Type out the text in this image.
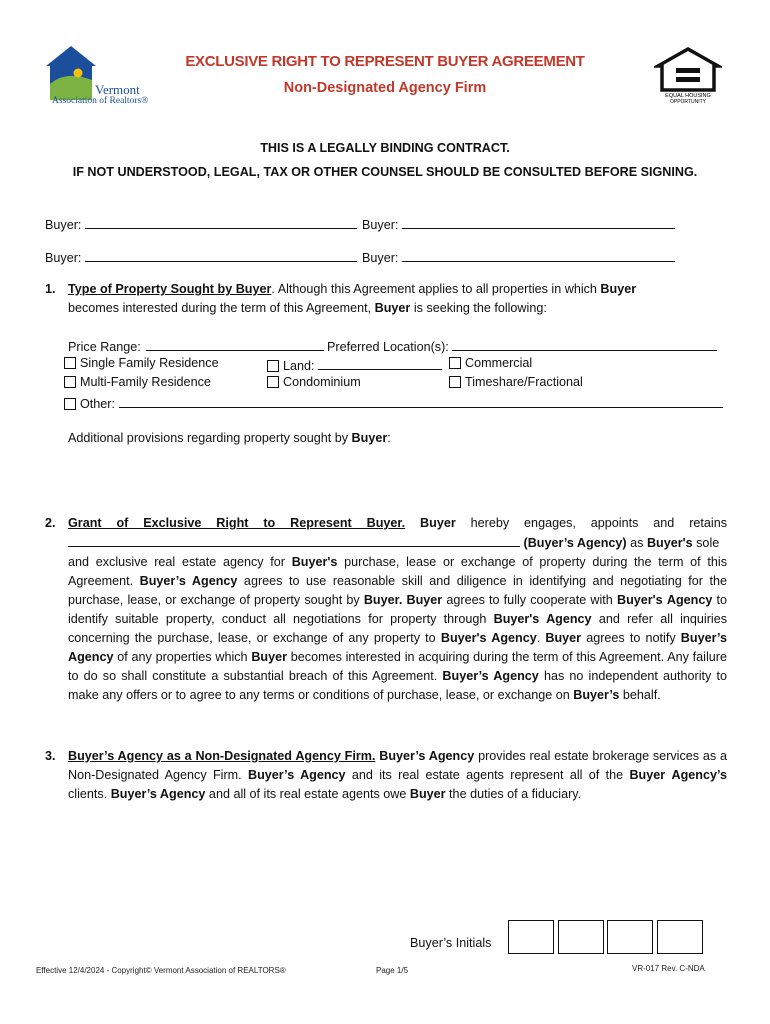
Vermont
Association of Realtors®
EXCLUSIVE RIGHT TO REPRESENT BUYER AGREEMENT
Non-Designated Agency Firm	EQUAL HOUSING
OPPORTUNITY
THIS IS A LEGALLY BINDING CONTRACT.
IF NOT UNDERSTOOD, LEGAL, TAX OR OTHER COUNSEL SHOULD BE CONSULTED BEFORE SIGNING.
Buyer:	Buyer:
Buyer:	Buyer:
1. Type of Property Sought by Buyer. Although this Agreement applies to all properties in which Buyer
becomes interested during the term of this Agreement, Buyer is seeking the following:
Price Range:	Preferred Location(s):
Single Family Residence	Land:	Commercial
Multi-Family Residence	Condominium	Timeshare/Fractional
Other:
Additional provisions regarding property sought by Buyer:
2. Grant of Exclusive Right to Represent Buyer. Buyer hereby engages, appoints and retains
(Buyer’s Agency) as Buyer's sole
and exclusive real estate agency for Buyer's purchase, lease or exchange of property during the term of this Agreement. Buyer’s Agency agrees to use reasonable skill and diligence in identifying and negotiating for the purchase, lease, or exchange of property sought by Buyer. Buyer agrees to fully cooperate with Buyer's Agency to identify suitable property, conduct all negotiations for property through Buyer's Agency and refer all inquiries concerning the purchase, lease, or exchange of any property to Buyer's Agency. Buyer agrees to notify Buyer’s Agency of any properties which Buyer becomes interested in acquiring during the term of this Agreement. Any failure to do so shall constitute a substantial breach of this Agreement. Buyer’s Agency has no independent authority to make any offers or to agree to any terms or conditions of purchase, lease, or exchange on Buyer’s behalf.
3. Buyer’s Agency as a Non-Designated Agency Firm. Buyer’s Agency provides real estate brokerage services as a Non-Designated Agency Firm. Buyer’s Agency and its real estate agents represent all of the Buyer Agency’s clients. Buyer’s Agency and all of its real estate agents owe Buyer the duties of a fiduciary.
Buyer’s Initials
Effective 12/4/2024 - Copyright© Vermont Association of REALTORS®	Page 1/5	VR-017 Rev. C-NDA
